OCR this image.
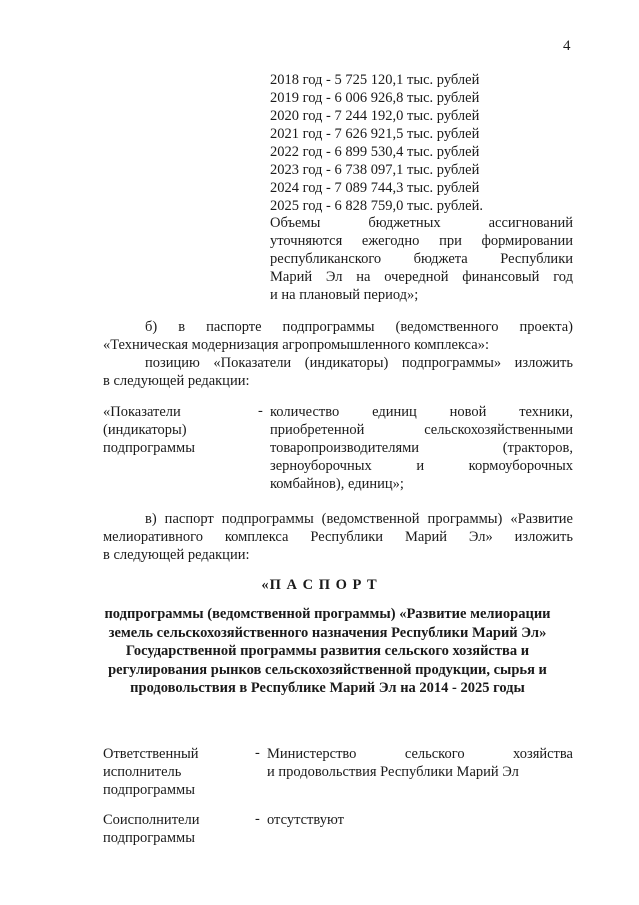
4
2018 год - 5 725 120,1 тыс. рублей
2019 год - 6 006 926,8 тыс. рублей
2020 год - 7 244 192,0 тыс. рублей
2021 год - 7 626 921,5 тыс. рублей
2022 год - 6 899 530,4 тыс. рублей
2023 год - 6 738 097,1 тыс. рублей
2024 год - 7 089 744,3 тыс. рублей
2025 год - 6 828 759,0 тыс. рублей.
Объемы бюджетных ассигнований
уточняются ежегодно при формировании
республиканского бюджета Республики
Марий Эл на очередной финансовый год
и на плановый период»;
б) в паспорте подпрограммы (ведомственного проекта)
«Техническая модернизация агропромышленного комплекса»:
позицию «Показатели (индикаторы) подпрограммы» изложить
в следующей редакции:
«Показатели
(индикаторы)
подпрограммы
- количество единиц новой техники,
приобретенной сельскохозяйственными
товаропроизводителями (тракторов,
зерноуборочных и кормоуборочных
комбайнов), единиц»;
в) паспорт подпрограммы (ведомственной программы) «Развитие
мелиоративного комплекса Республики Марий Эл» изложить
в следующей редакции:
«П А С П О Р Т
подпрограммы (ведомственной программы) «Развитие мелиорации земель сельскохозяйственного назначения Республики Марий Эл» Государственной программы развития сельского хозяйства и регулирования рынков сельскохозяйственной продукции, сырья и продовольствия в Республике Марий Эл на 2014 - 2025 годы
Ответственный исполнитель подпрограммы
- Министерство сельского хозяйства
и продовольствия Республики Марий Эл
Соисполнители подпрограммы
- отсутствуют
